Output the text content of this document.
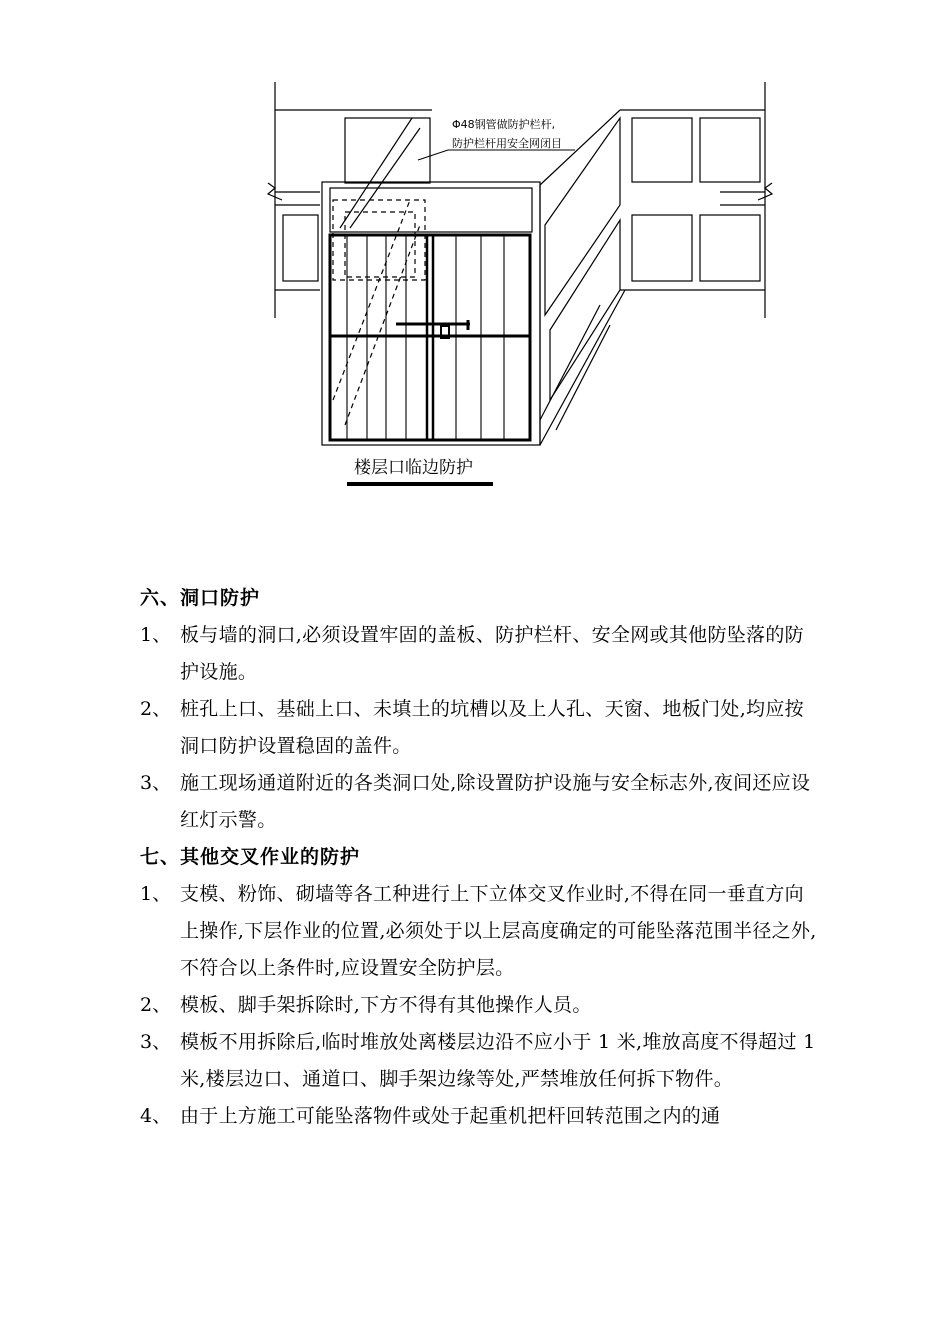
Φ48钢管做防护栏杆,
防护栏杆用安全网闭目
楼层口临边防护
六、洞口防护
1、 板与墙的洞口,必须设置牢固的盖板、防护栏杆、安全网或其他防坠落的防护设施。
2、 桩孔上口、基础上口、未填土的坑槽以及上人孔、天窗、地板门处,均应按洞口防护设置稳固的盖件。
3、 施工现场通道附近的各类洞口处,除设置防护设施与安全标志外,夜间还应设红灯示警。
七、其他交叉作业的防护
1、 支模、粉饰、砌墙等各工种进行上下立体交叉作业时,不得在同一垂直方向上操作,下层作业的位置,必须处于以上层高度确定的可能坠落范围半径之外,不符合以上条件时,应设置安全防护层。
2、 模板、脚手架拆除时,下方不得有其他操作人员。
3、 模板不用拆除后,临时堆放处离楼层边沿不应小于 1 米,堆放高度不得超过 1 米,楼层边口、通道口、脚手架边缘等处,严禁堆放任何拆下物件。
4、 由于上方施工可能坠落物件或处于起重机把杆回转范围之内的通
